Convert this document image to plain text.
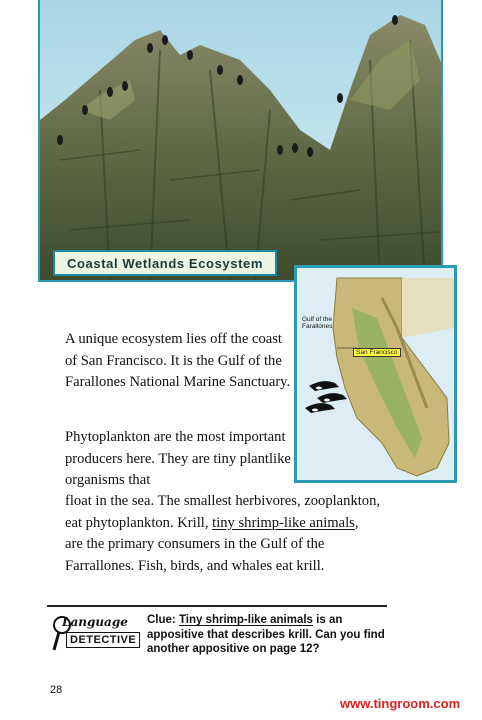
Coastal Wetlands Ecosystem
Gulf of the Farallones
San Francisco
A unique ecosystem lies off the coast of San Francisco. It is the Gulf of the Farallones National Marine Sanctuary.
Phytoplankton are the most important producers here. They are tiny plantlike organisms that
float in the sea. The smallest herbivores, zooplankton,
eat phytoplankton. Krill, tiny shrimp-like animals,
are the primary consumers in the Gulf of the
Farrallones. Fish, birds, and whales eat krill.
Language
DETECTIVE
Clue: Tiny shrimp-like animals is an appositive that describes krill. Can you find another appositive on page 12?
28
www.tingroom.com
